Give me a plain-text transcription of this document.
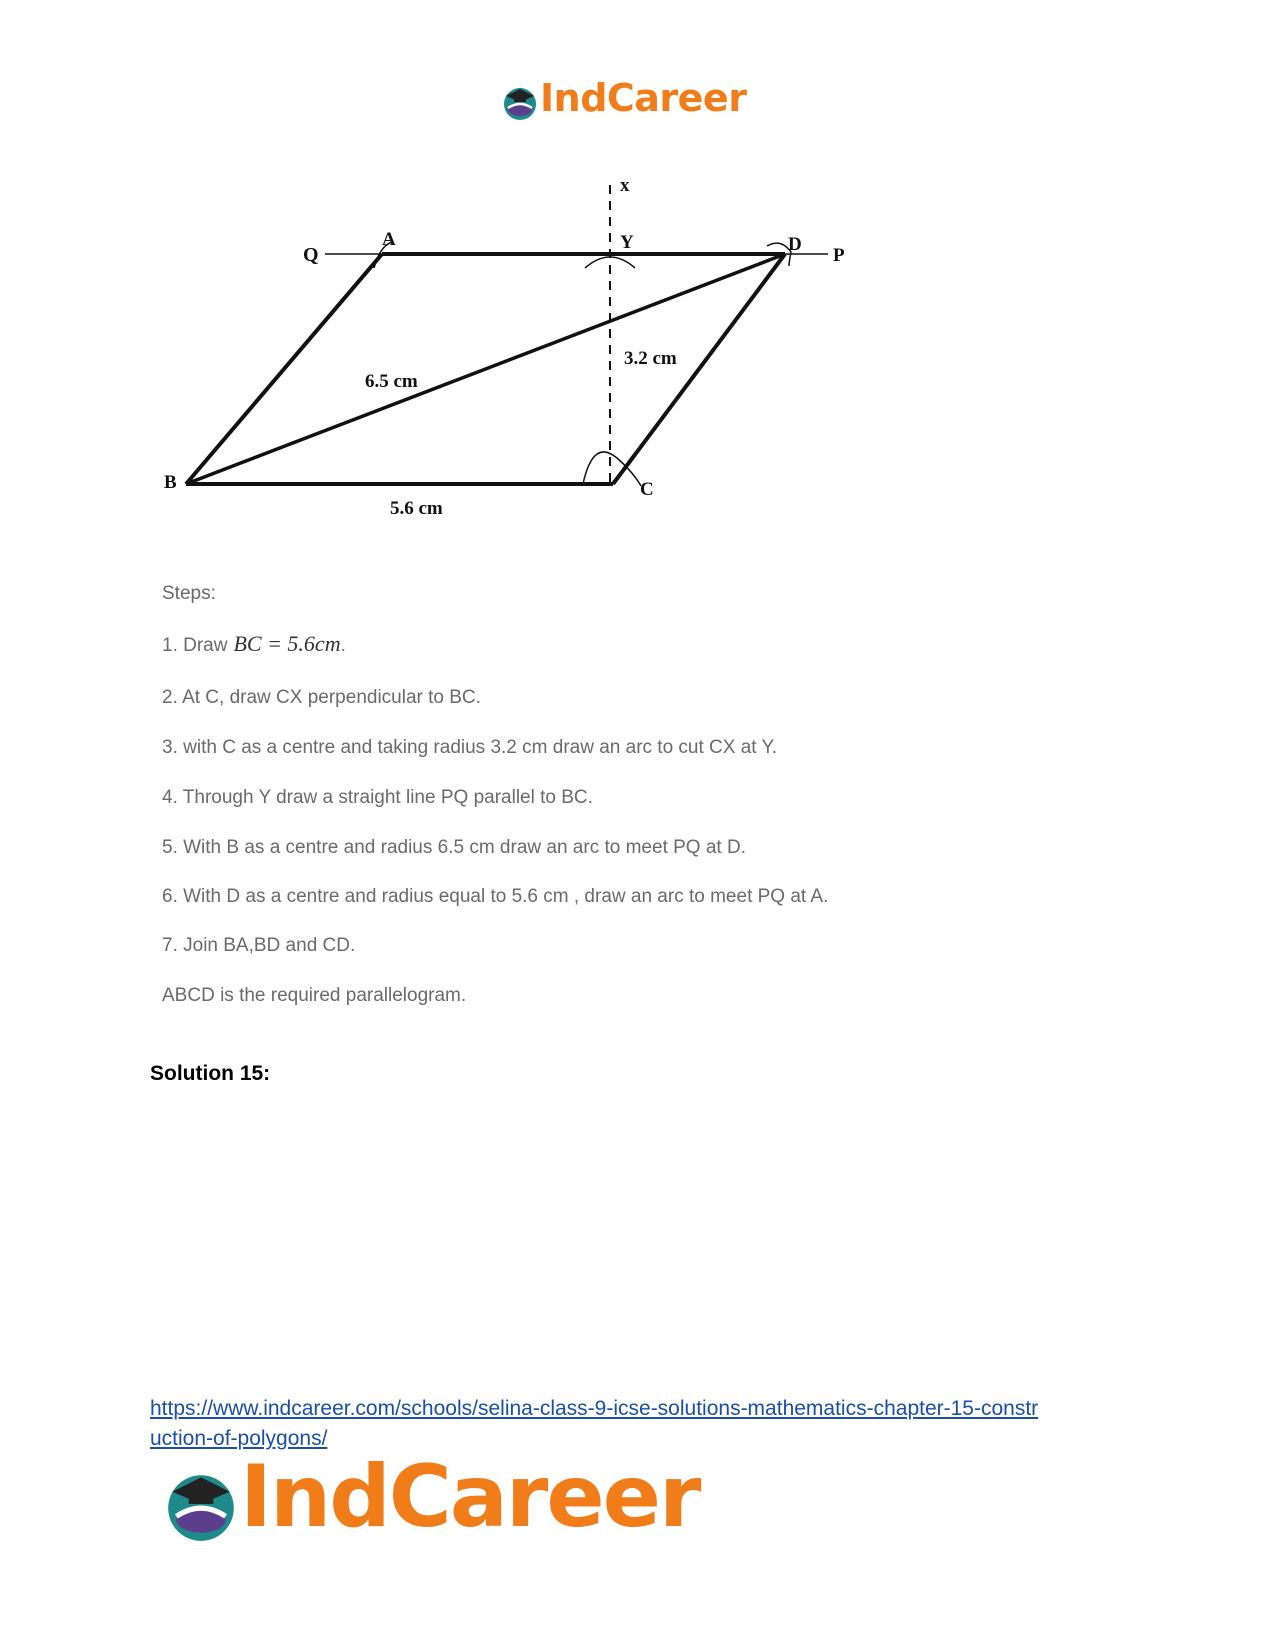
IndCareer
x
Q
A	Y	D
P
B	C
3.2 cm
6.5 cm
5.6 cm
Steps:
1. Draw BC = 5.6cm.
2. At C, draw CX perpendicular to BC.
3. with C as a centre and taking radius 3.2 cm draw an arc to cut CX at Y.
4. Through Y draw a straight line PQ parallel to BC.
5. With B as a centre and radius 6.5 cm draw an arc to meet PQ at D.
6. With D as a centre and radius equal to 5.6 cm , draw an arc to meet PQ at A.
7. Join BA,BD and CD.
ABCD is the required parallelogram.
Solution 15:
https://www.indcareer.com/schools/selina-class-9-icse-solutions-mathematics-chapter-15-constr
uction-of-polygons/
IndCareer
